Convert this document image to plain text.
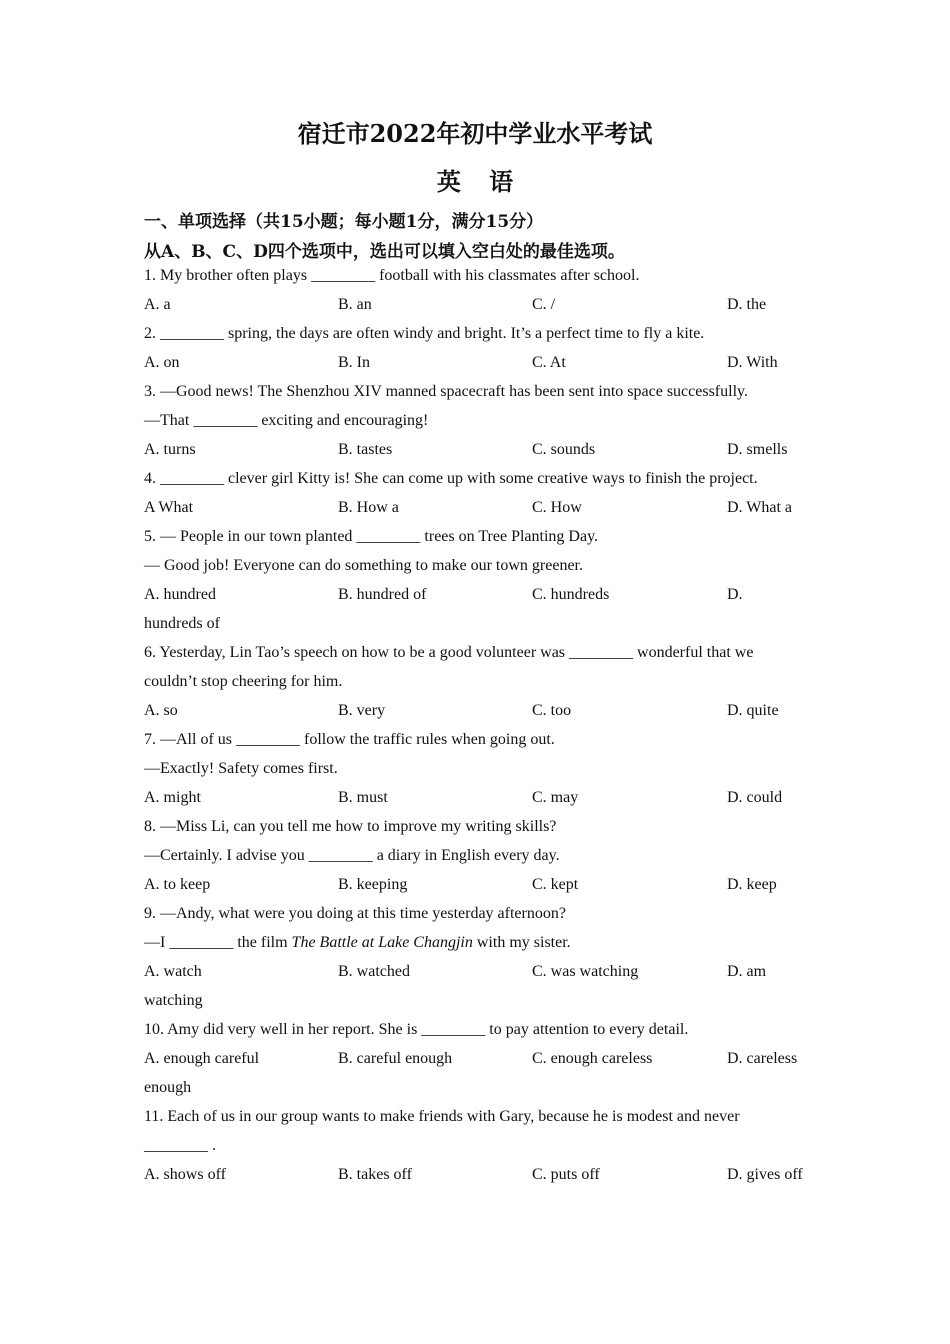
宿迁市2022年初中学业水平考试
英 语
一、单项选择（共15小题；每小题1分，满分15分）
从A、B、C、D四个选项中，选出可以填入空白处的最佳选项。
1. My brother often plays ________ football with his classmates after school.
A. a	B. an	C. /	D. the
2. ________ spring, the days are often windy and bright. It’s a perfect time to fly a kite.
A. on	B. In	C. At	D. With
3. —Good news! The Shenzhou XIV manned spacecraft has been sent into space successfully.
—That ________ exciting and encouraging!
A. turns	B. tastes	C. sounds	D. smells
4. ________ clever girl Kitty is! She can come up with some creative ways to finish the project.
A What	B. How a	C. How	D. What a
5. — People in our town planted ________ trees on Tree Planting Day.
— Good job! Everyone can do something to make our town greener.
A. hundred	B. hundred of	C. hundreds	D.
hundreds of
6. Yesterday, Lin Tao’s speech on how to be a good volunteer was ________ wonderful that we
couldn’t stop cheering for him.
A. so	B. very	C. too	D. quite
7. —All of us ________ follow the traffic rules when going out.
—Exactly! Safety comes first.
A. might	B. must	C. may	D. could
8. —Miss Li, can you tell me how to improve my writing skills?
—Certainly. I advise you ________ a diary in English every day.
A. to keep	B. keeping	C. kept	D. keep
9. —Andy, what were you doing at this time yesterday afternoon?
—I ________ the film The Battle at Lake Changjin with my sister.
A. watch	B. watched	C. was watching	D. am
watching
10. Amy did very well in her report. She is ________ to pay attention to every detail.
A. enough careful	B. careful enough	C. enough careless	D. careless
enough
11. Each of us in our group wants to make friends with Gary, because he is modest and never
________ .
A. shows off	B. takes off	C. puts off	D. gives off
